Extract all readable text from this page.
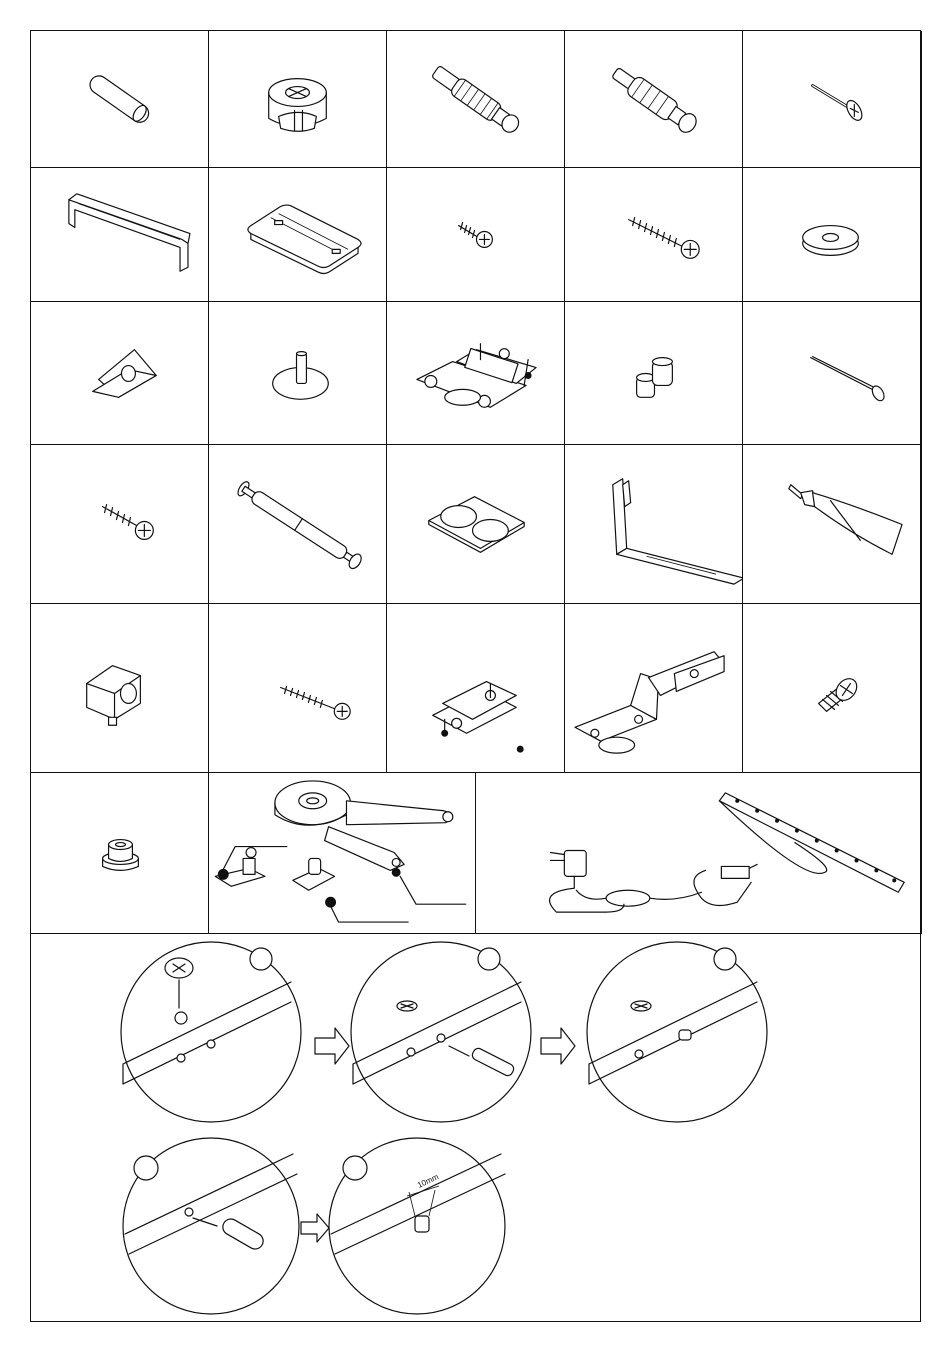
10mm
